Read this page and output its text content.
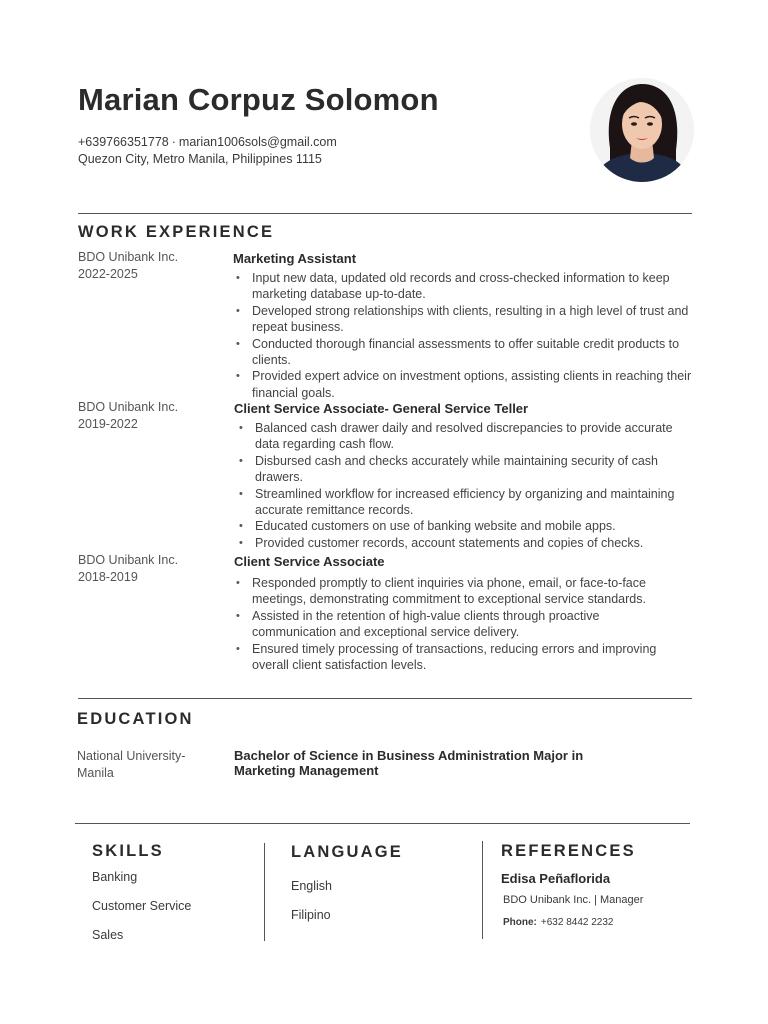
Marian Corpuz Solomon
+639766351778 · marian1006sols@gmail.com
Quezon City, Metro Manila, Philippines 1115
WORK EXPERIENCE
BDO Unibank Inc.
2022-2025
Marketing Assistant
• Input new data, updated old records and cross-checked information to keep marketing database up-to-date.
• Developed strong relationships with clients, resulting in a high level of trust and repeat business.
• Conducted thorough financial assessments to offer suitable credit products to clients.
• Provided expert advice on investment options, assisting clients in reaching their financial goals.
BDO Unibank Inc.
2019-2022
Client Service Associate- General Service Teller
• Balanced cash drawer daily and resolved discrepancies to provide accurate data regarding cash flow.
• Disbursed cash and checks accurately while maintaining security of cash drawers.
• Streamlined workflow for increased efficiency by organizing and maintaining accurate remittance records.
• Educated customers on use of banking website and mobile apps.
• Provided customer records, account statements and copies of checks.
BDO Unibank Inc.
2018-2019
Client Service Associate
• Responded promptly to client inquiries via phone, email, or face-to-face meetings, demonstrating commitment to exceptional service standards.
• Assisted in the retention of high-value clients through proactive communication and exceptional service delivery.
• Ensured timely processing of transactions, reducing errors and improving overall client satisfaction levels.
EDUCATION
National University-Manila
Bachelor of Science in Business Administration Major in Marketing Management
SKILLS
Banking
Customer Service
Sales
LANGUAGE
English
Filipino
REFERENCES
Edisa Peñaflorida
BDO Unibank Inc. | Manager
Phone: +632 8442 2232
